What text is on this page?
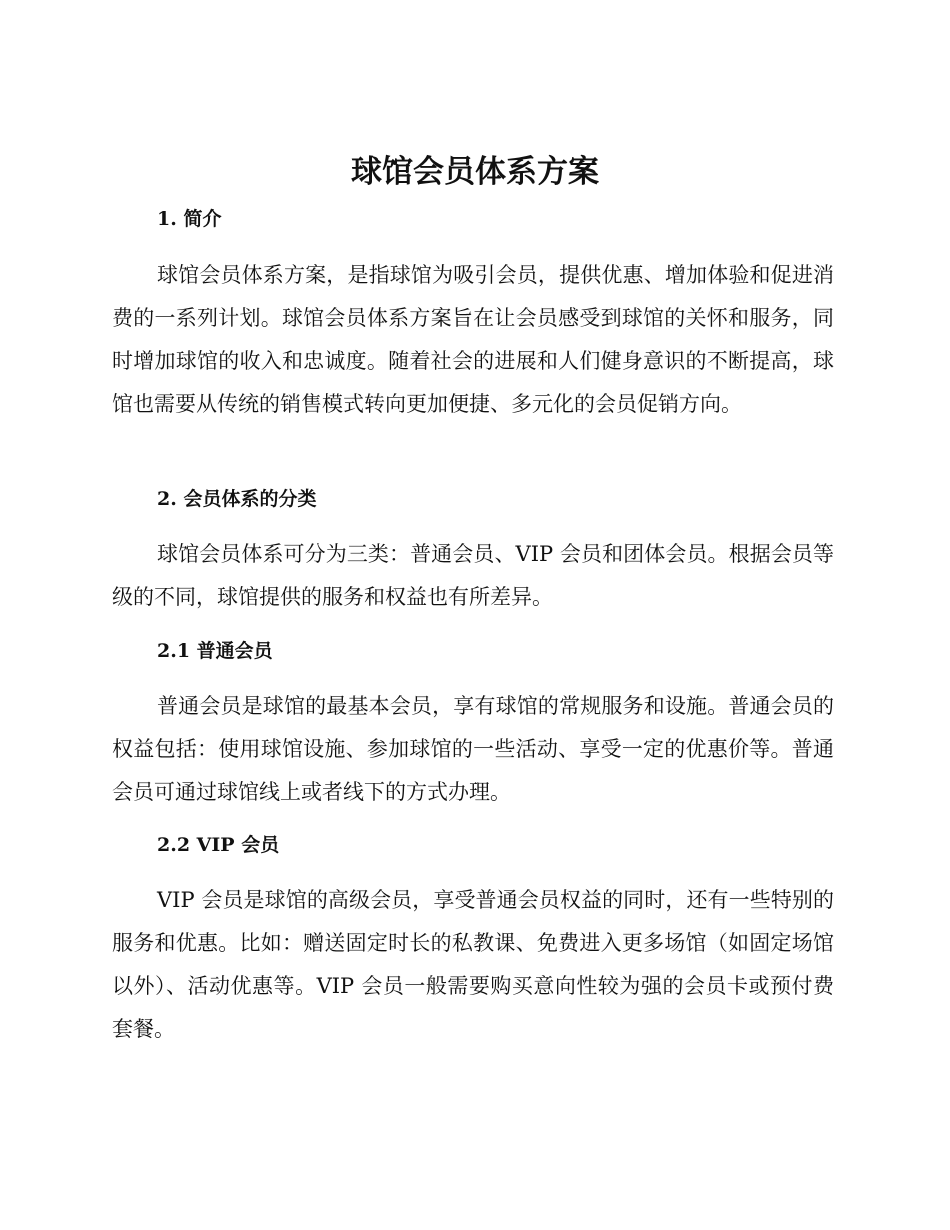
球馆会员体系方案
1. 简介

球馆会员体系方案，是指球馆为吸引会员，提供优惠、增加体验和促进消费的一系列计划。球馆会员体系方案旨在让会员感受到球馆的关怀和服务，同时增加球馆的收入和忠诚度。随着社会的进展和人们健身意识的不断提高，球馆也需要从传统的销售模式转向更加便捷、多元化的会员促销方向。

2. 会员体系的分类

球馆会员体系可分为三类：普通会员、VIP 会员和团体会员。根据会员等级的不同，球馆提供的服务和权益也有所差异。

2.1 普通会员

普通会员是球馆的最基本会员，享有球馆的常规服务和设施。普通会员的权益包括：使用球馆设施、参加球馆的一些活动、享受一定的优惠价等。普通会员可通过球馆线上或者线下的方式办理。

2.2 VIP 会员

VIP 会员是球馆的高级会员，享受普通会员权益的同时，还有一些特别的服务和优惠。比如：赠送固定时长的私教课、免费进入更多场馆（如固定场馆以外）、活动优惠等。VIP 会员一般需要购买意向性较为强的会员卡或预付费套餐。
